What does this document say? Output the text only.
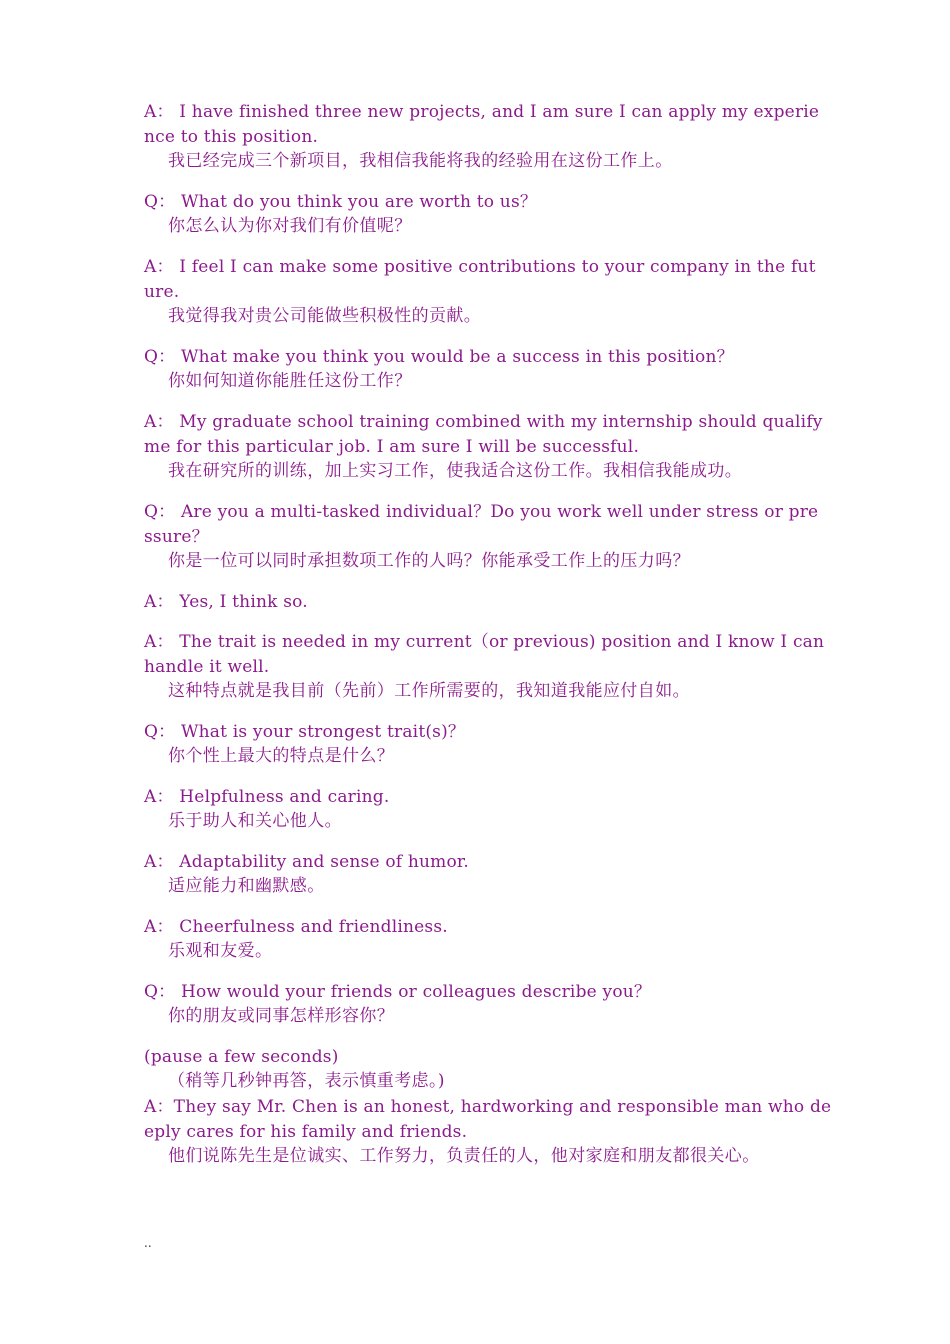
A： I have finished three new projects, and I am sure I can apply my experie
nce to this position.
我已经完成三个新项目，我相信我能将我的经验用在这份工作上。
Q： What do you think you are worth to us？
你怎么认为你对我们有价值呢？
A： I feel I can make some positive contributions to your company in the fut
ure.
我觉得我对贵公司能做些积极性的贡献。
Q： What make you think you would be a success in this position？
你如何知道你能胜任这份工作？
A： My graduate school training combined with my internship should qualify
me for this particular job. I am sure I will be successful.
我在研究所的训练，加上实习工作，使我适合这份工作。我相信我能成功。
Q： Are you a multi-tasked individual？Do you work well under stress or pre
ssure？
你是一位可以同时承担数项工作的人吗？你能承受工作上的压力吗？
A： Yes, I think so.
A： The trait is needed in my current（or previous) position and I know I can
handle it well.
这种特点就是我目前（先前）工作所需要的，我知道我能应付自如。
Q： What is your strongest trait(s)？
你个性上最大的特点是什么？
A： Helpfulness and caring.
乐于助人和关心他人。
A： Adaptability and sense of humor.
适应能力和幽默感。
A： Cheerfulness and friendliness.
乐观和友爱。
Q： How would your friends or colleagues describe you？
你的朋友或同事怎样形容你？
(pause a few seconds)
（稍等几秒钟再答，表示慎重考虑。)
A：They say Mr. Chen is an honest, hardworking and responsible man who de
eply cares for his family and friends.
他们说陈先生是位诚实、工作努力，负责任的人，他对家庭和朋友都很关心。
..
